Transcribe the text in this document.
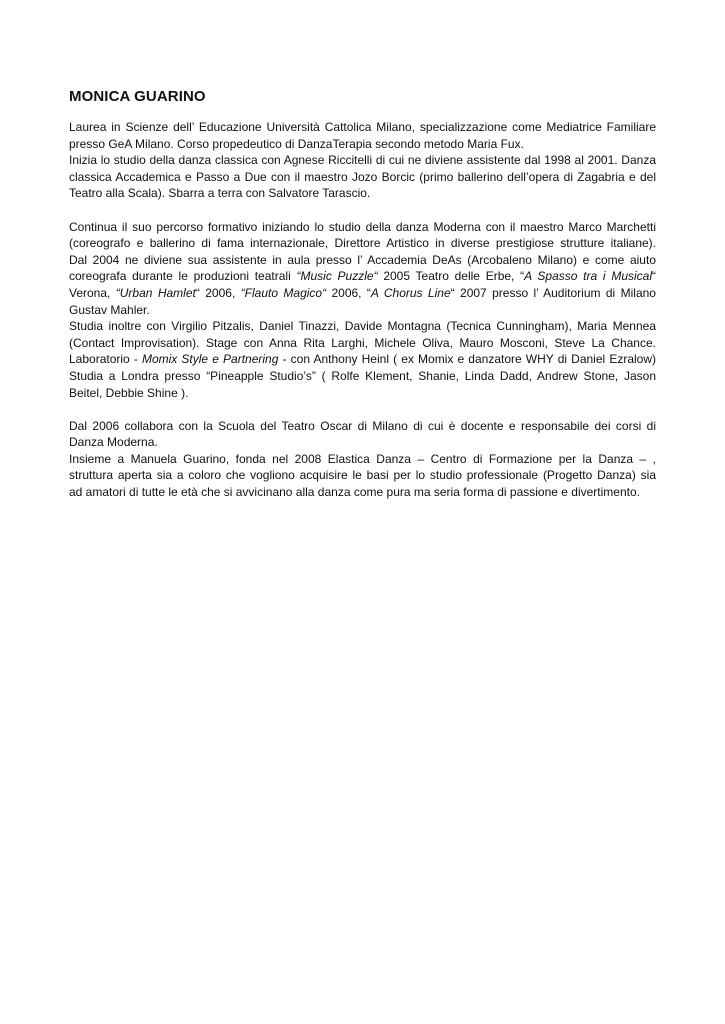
MONICA GUARINO
Laurea in Scienze dell’ Educazione Università Cattolica Milano, specializzazione come Mediatrice Familiare
presso GeA Milano. Corso propedeutico di DanzaTerapia secondo metodo Maria Fux.
Inizia lo studio della danza classica con Agnese Riccitelli di cui ne diviene assistente dal 1998 al 2001. Danza
classica Accademica e Passo a Due con il maestro Jozo Borcic (primo ballerino dell’opera di Zagabria e del
Teatro alla Scala). Sbarra a terra con Salvatore Tarascio.
Continua il suo percorso formativo iniziando lo studio della danza Moderna con il maestro Marco Marchetti
(coreografo e ballerino di fama internazionale, Direttore Artistico in diverse prestigiose strutture italiane).
Dal 2004 ne diviene sua assistente in aula presso l’ Accademia DeAs (Arcobaleno Milano) e come aiuto
coreografa durante le produzioni teatrali “Music Puzzle“ 2005 Teatro delle Erbe, “A Spasso tra i Musical“
Verona, “Urban Hamlet“ 2006, “Flauto Magico“ 2006, “A Chorus Line“ 2007 presso l’ Auditorium di Milano
Gustav Mahler.
Studia inoltre con Virgilio Pitzalis, Daniel Tinazzi, Davide Montagna (Tecnica Cunningham), Maria Mennea
(Contact Improvisation). Stage con Anna Rita Larghi, Michele Oliva, Mauro Mosconi, Steve La Chance.
Laboratorio - Momix Style e Partnering - con Anthony Heinl ( ex Momix e danzatore WHY di Daniel Ezralow)
Studia a Londra presso “Pineapple Studio’s” ( Rolfe Klement, Shanie, Linda Dadd, Andrew Stone, Jason
Beitel, Debbie Shine ).
Dal 2006 collabora con la Scuola del Teatro Oscar di Milano di cui è docente e responsabile dei corsi di
Danza Moderna.
Insieme a Manuela Guarino, fonda nel 2008 Elastica Danza – Centro di Formazione per la Danza – ,
struttura aperta sia a coloro che vogliono acquisire le basi per lo studio professionale (Progetto Danza) sia
ad amatori di tutte le età che si avvicinano alla danza come pura ma seria forma di passione e divertimento.
